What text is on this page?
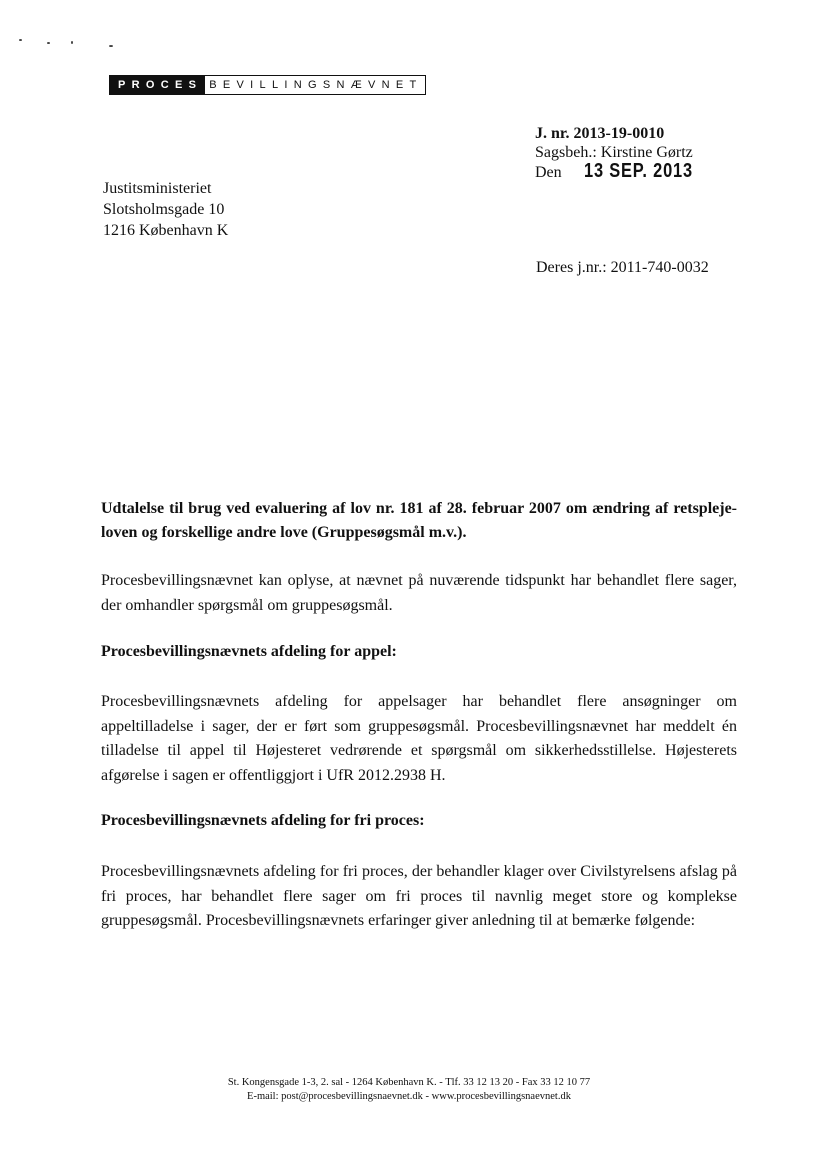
PROCES BEVILLINGSNÆVNET
J. nr. 2013-19-0010
Sagsbeh.: Kirstine Gørtz
Den 13 SEP. 2013
Justitsministeriet
Slotsholmsgade 10
1216 København K
Deres j.nr.: 2011-740-0032
Udtalelse til brug ved evaluering af lov nr. 181 af 28. februar 2007 om ændring af retspleje-loven og forskellige andre love (Gruppesøgsmål m.v.).
Procesbevillingsnævnet kan oplyse, at nævnet på nuværende tidspunkt har behandlet flere sager, der omhandler spørgsmål om gruppesøgsmål.
Procesbevillingsnævnets afdeling for appel:
Procesbevillingsnævnets afdeling for appelsager har behandlet flere ansøgninger om appeltilladelse i sager, der er ført som gruppesøgsmål. Procesbevillingsnævnet har meddelt én tilladelse til appel til Højesteret vedrørende et spørgsmål om sikkerhedsstillelse. Højesterets afgørelse i sagen er offentliggjort i UfR 2012.2938 H.
Procesbevillingsnævnets afdeling for fri proces:
Procesbevillingsnævnets afdeling for fri proces, der behandler klager over Civilstyrelsens afslag på fri proces, har behandlet flere sager om fri proces til navnlig meget store og komplekse gruppesøgsmål. Procesbevillingsnævnets erfaringer giver anledning til at bemærke følgende:
St. Kongensgade 1-3, 2. sal - 1264 København K. - Tlf. 33 12 13 20 - Fax 33 12 10 77
E-mail: post@procesbevillingsnaevnet.dk - www.procesbevillingsnaevnet.dk
